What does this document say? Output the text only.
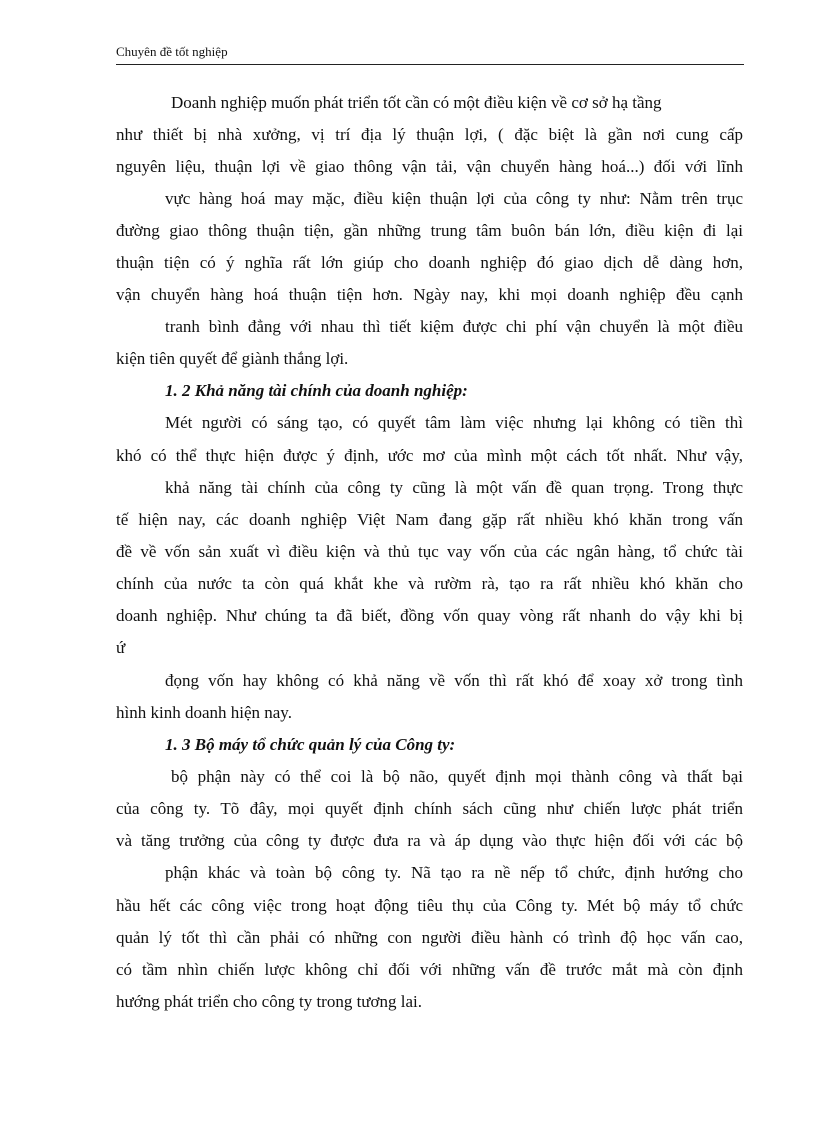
Chuyên đề tốt nghiệp
Doanh nghiệp muốn phát triển tốt cần có một điều kiện về cơ sở hạ tầng
như thiết bị nhà xưởng, vị trí địa lý thuận lợi, ( đặc biệt là gần nơi cung cấp
nguyên liệu, thuận lợi về giao thông vận tải, vận chuyển hàng hoá...) đối với lĩnh
vực hàng hoá may mặc, điều kiện thuận lợi của công ty như: Nằm trên trục
đường giao thông thuận tiện, gần những trung tâm buôn bán lớn, điều kiện đi lại
thuận tiện có ý nghĩa rất lớn giúp cho doanh nghiệp đó giao dịch dễ dàng hơn,
vận chuyển hàng hoá thuận tiện hơn. Ngày nay, khi mọi doanh nghiệp đều cạnh
tranh bình đẳng với nhau thì tiết kiệm được chi phí vận chuyển là một điều
kiện tiên quyết để giành thắng lợi.
1. 2 Khả năng tài chính của doanh nghiệp:
Mét người có sáng tạo, có quyết tâm làm việc nhưng lại không có tiền thì
khó có thể thực hiện được ý định, ước mơ của mình một cách tốt nhất. Như vậy,
khả năng tài chính của công ty cũng là một vấn đề quan trọng. Trong thực
tế hiện nay, các doanh nghiệp Việt Nam đang gặp rất nhiều khó khăn trong vấn
đề về vốn sản xuất vì điều kiện và thủ tục vay vốn của các ngân hàng, tổ chức tài
chính của nước ta còn quá khắt khe và rườm rà, tạo ra rất nhiều khó khăn cho
doanh nghiệp. Như chúng ta đã biết, đồng vốn quay vòng rất nhanh do vậy khi bị
ứ
đọng vốn hay không có khả năng về vốn thì rất khó để xoay xở trong tình
hình kinh doanh hiện nay.
1. 3 Bộ máy tổ chức quản lý của Công ty:
bộ phận này có thể coi là bộ não, quyết định mọi thành công và thất bại
của công ty. Tõ đây, mọi quyết định chính sách cũng như chiến lược phát triển
và tăng trưởng của công ty được đưa ra và áp dụng vào thực hiện đối với các bộ
phận khác và toàn bộ công ty. Nã tạo ra nề nếp tổ chức, định hướng cho
hầu hết các công việc trong hoạt động tiêu thụ của Công ty. Mét bộ máy tổ chức
quản lý tốt thì cần phải có những con người điều hành có trình độ học vấn cao,
có tầm nhìn chiến lược không chỉ đối với những vấn đề trước mắt mà còn định
hướng phát triển cho công ty trong tương lai.
